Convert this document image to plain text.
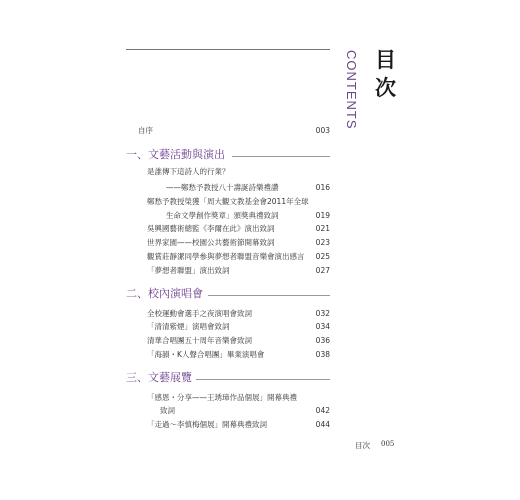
目
次
CONTENTS
自序	003
一、文藝活動與演出
是誰傳下這詩人的行業？
——鄭愁予教授八十壽誕詩樂禮讚	016
鄭愁予教授榮獲「周大觀文教基金會2011年全球
生命文學創作獎章」頒獎典禮致詞	019
吳興國藝術總監《李爾在此》演出致詞	021
世界家園——校園公共藝術節開幕致詞	023
觀賞莊靜潔同學參與夢想者聯盟音樂會演出感言	025
「夢想者聯盟」演出致詞	027
二、校內演唱會
全校運動會選手之夜演唱會致詞	032
「清清紫煙」演唱會致詞	034
清華合唱團五十周年音樂會致詞	036
「海韻・K人聲合唱團」畢業演唱會	038
三、文藝展覽
「感恩・分享——王琇璋作品個展」開幕典禮
致詞	042
「走過～李慎梅個展」開幕典禮致詞	044
目次 005
